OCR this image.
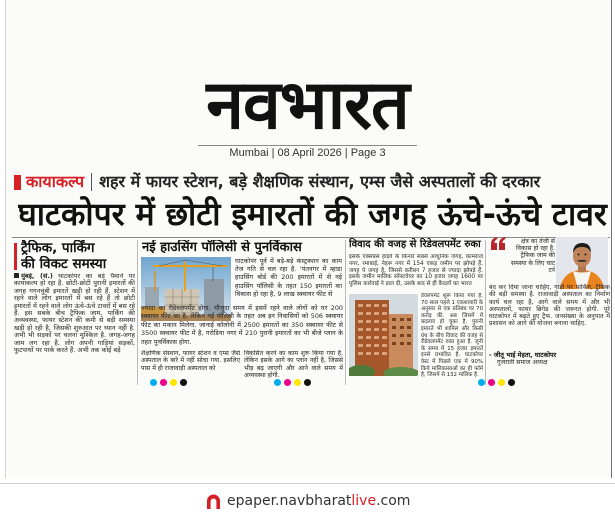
नवभारत
Mumbai | 08 April 2026 | Page 3
कायाकल्प शहर में फायर स्टेशन, बड़े शैक्षणिक संस्थान, एम्स जैसे अस्पतालों की दरकार
घाटकोपर में छोटी इमारतों की जगह ऊंचे-ऊंचे टावर
ट्रैफिक, पार्किंग
की विकट समस्या
मुंबई, (सं.) घाटकोपर का बड़े पैमाने पर कायाकल्प हो रहा है. छोटी-छोटी पुरानी इमारतों की जगह गगनचुंबी इमारतें खड़ी हो रही हैं. स्टेशन में रहने वाले लोग इमारतों में बस रहे हैं तो छोटी इमारतों में रहने वाले लोग ऊंचे-ऊंचे टावरों में बस रहे हैं. इस सबके बीच ट्रैफिक जाम, पार्किंग की अव्यवस्था, फायर स्टेशन की कमी से बड़ी समस्या खड़ी हो रही है, जिसकी शुरुआत पर ध्यान नहीं है. अभी भी सड़कों पर चलना मुश्किल है. जगह-जगह जाम लग रहा है, लोग अपनी गाड़ियां सड़कों, फुटपाथों पर पार्क करते हैं. अभी तक कोई बड़े
नई हाउसिंग पॉलिसी से पुनर्विकास
घाटकोपर पूर्व में बड़े-बड़े कंस्ट्रक्शन का काम तेज गति से चल रहा है. 'पंतनगर में म्हाडा हाउसिंग बोर्ड की 200 इमारतों में से नई हाउसिंग पॉलिसी के तहत 150 इमारतों का विकास हो रहा है, 9 लाख स्क्वायर फीट से
ज्यादा का रीडेवलपमेंट होगा. मौजूदा समय में इसमें रहने वाले लोगों को घर 200 स्क्वायर फीट का है, लेकिन नई पॉलिसी के तहत अब इन निवासियों को 506 स्क्वायर फीट का मकान मिलेगा. जानाई कॉलोनी में 2500 इमारतों का 350 स्क्वायर फीट से 3500 स्क्वायर फीट में है, गरोडिया नगर में 210 पुरानी इमारतों का भी बीजे प्लान के तहत पुनर्विकास होगा.
शैक्षणिक संस्थान, फायर स्टेशन व एम्स जैसे अस्पताल के बारे में नहीं सोचा गया. इसलिए पास में ही राजावाड़ी अस्पताल को
विकसित करने का काम शुरू किया गया है. लेकिन इसके आगे का प्लान नहीं है, जिससे भीड़ बढ़ जाएगी और आने वाले समय में अव्यवस्था होगी.
विवाद की वजह से रिडेवलपमेंट रुका
इसके एक्सप्रेस हाइवे के किनारे सबसे आधुनिक जगह, कामराज नगर, रमाबाई, नेहरू नगर में 154 एकड़ जमीन पर झोपड़े हैं. जगह पे जगह है, जिससे करीबन 7 हजार से ज्यादा झोपड़े हैं. इसके जमीन मालिक सॉफ्टवेयर का 10 हजार जगह 1600 पर पुलिस कार्रवाई ने डाल दी, उसके बाद से ही कैदलों का भारत
डेवलपमेंट शुरू किया गया है, 70 साल पहले 1 एकशायारी के अनुसार से एक प्रतिबंध पर 70 करोड़ की. अब जिसमें में बदलाव हो चुका है. पुरानी इमारतें भी शामिल और किसी ग्रंथ के बीच विवाद की वजह से रीडेवलपमेंट रुका हुआ है. जूनी के समय में 15 हजार इमारतें इनसे प्रभावित है. घाटकोपर वेस्ट में पिछले एक में 90% किये मालिकासाओं का ही फॉर्म है, जिसमें से 132 मालिक है.
क्षेत्र का तेजी से विकास हो रहा है. ट्रैफिक जाम की समस्या के लिए चाट टर्न
बंद कर दिया जाना चाहिए, गाड़ी पर पार्किंग, ट्रैफिक की बड़ी समस्या है. राजावाड़ी अस्पताल का निर्माण कार्य चल रहा है, आगे वाले समय में और भी अस्पतालों, फायर ब्रिगेड की जरूरत होगी. पूरे घाटकोपर में बढ़ते हुए ट्रैफ. जनसंख्या के अनुपात में प्रशासन को आगे की योजना बनाना चाहिए.
- जीतू भाई मेहता, घाटकोपर
गुजराती समाज अध्यक्ष
epaper.navbharatlive.com
